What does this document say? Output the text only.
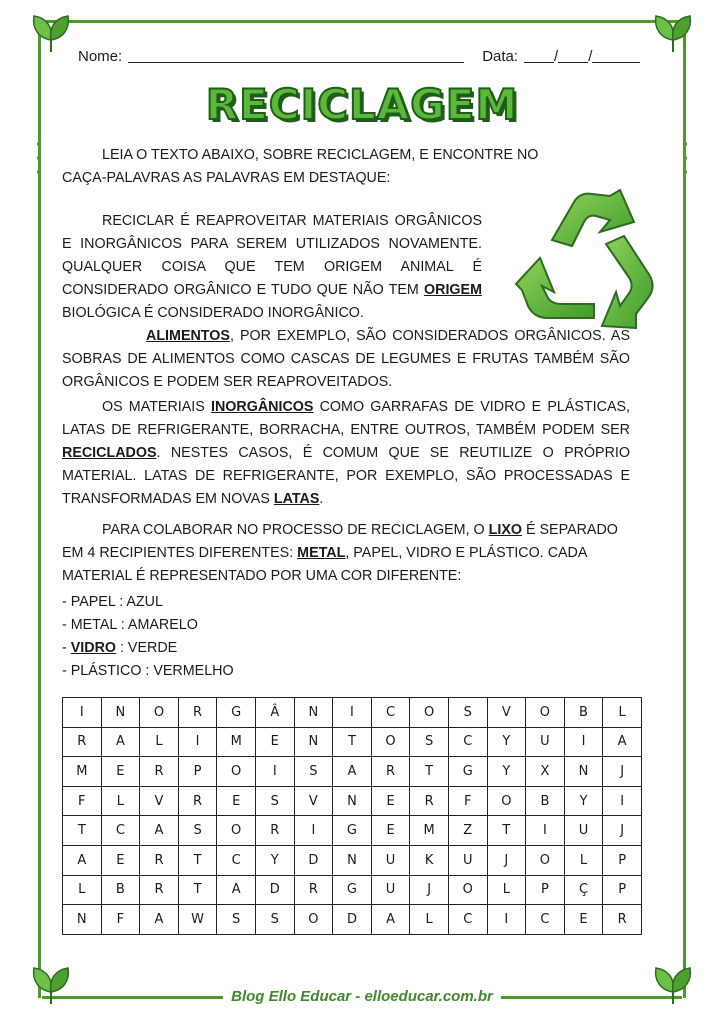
Nome:	Data: / /
RECICLAGEM
LEIA O TEXTO ABAIXO, SOBRE RECICLAGEM, E ENCONTRE NO CAÇA-PALAVRAS AS PALAVRAS EM DESTAQUE:
RECICLAR É REAPROVEITAR MATERIAIS ORGÂNICOS E INORGÂNICOS PARA SEREM UTILIZADOS NOVAMENTE. QUALQUER COISA QUE TEM ORIGEM ANIMAL É CONSIDERADO ORGÂNICO E TUDO QUE NÃO TEM ORIGEM BIOLÓGICA É CONSIDERADO INORGÂNICO.
ALIMENTOS, POR EXEMPLO, SÃO CONSIDERADOS ORGÂNICOS. AS SOBRAS DE ALIMENTOS COMO CASCAS DE LEGUMES E FRUTAS TAMBÉM SÃO ORGÂNICOS E PODEM SER REAPROVEITADOS.
OS MATERIAIS INORGÂNICOS COMO GARRAFAS DE VIDRO E PLÁSTICAS, LATAS DE REFRIGERANTE, BORRACHA, ENTRE OUTROS, TAMBÉM PODEM SER RECICLADOS. NESTES CASOS, É COMUM QUE SE REUTILIZE O PRÓPRIO MATERIAL. LATAS DE REFRIGERANTE, POR EXEMPLO, SÃO PROCESSADAS E TRANSFORMADAS EM NOVAS LATAS.
PARA COLABORAR NO PROCESSO DE RECICLAGEM, O LIXO É SEPARADO EM 4 RECIPIENTES DIFERENTES: METAL, PAPEL, VIDRO E PLÁSTICO. CADA MATERIAL É REPRESENTADO POR UMA COR DIFERENTE:
- PAPEL : AZUL
- METAL : AMARELO
- VIDRO : VERDE
- PLÁSTICO : VERMELHO
I	N	O	R	G	Â	N	I	C	O	S	V	O	B	L
R	A	L	I	M	E	N	T	O	S	C	Y	U	I	A
M	E	R	P	O	I	S	A	R	T	G	Y	X	N	J
F	L	V	R	E	S	V	N	E	R	F	O	B	Y	I
T	C	A	S	O	R	I	G	E	M	Z	T	I	U	J
A	E	R	T	C	Y	D	N	U	K	U	J	O	L	P
L	B	R	T	A	D	R	G	U	J	O	L	P	Ç	P
N	F	A	W	S	S	O	D	A	L	C	I	C	E	R
Blog Ello Educar - elloeducar.com.br
